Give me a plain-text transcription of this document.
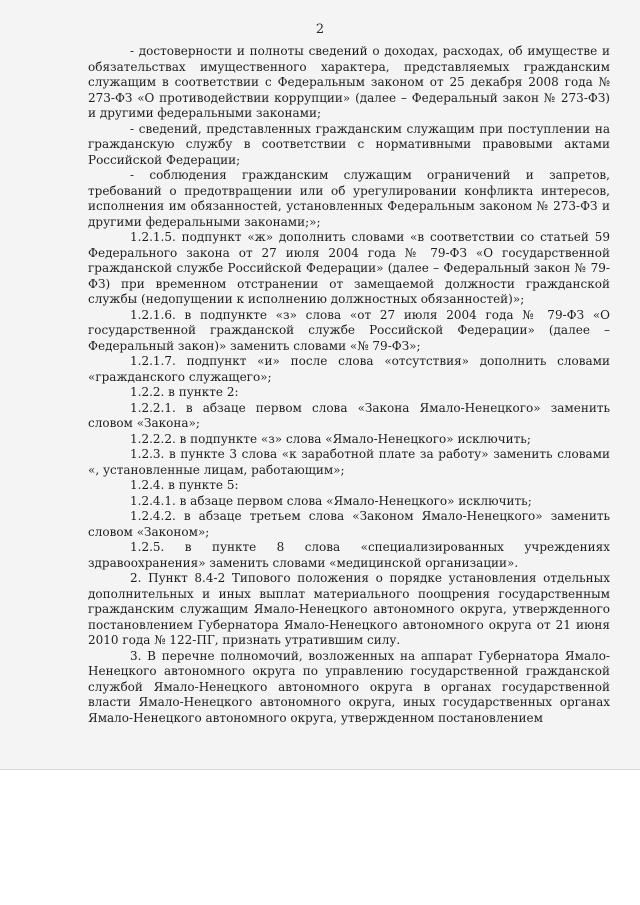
2

- достоверности и полноты сведений о доходах, расходах, об имуществе и обязательствах имущественного характера, представляемых гражданским служащим в соответствии с Федеральным законом от 25 декабря 2008 года № 273-ФЗ «О противодействии коррупции» (далее – Федеральный закон № 273-ФЗ) и другими федеральными законами;

- сведений, представленных гражданским служащим при поступлении на гражданскую службу в соответствии с нормативными правовыми актами Российской Федерации;

- соблюдения гражданским служащим ограничений и запретов, требований о предотвращении или об урегулировании конфликта интересов, исполнения им обязанностей, установленных Федеральным законом № 273-ФЗ и другими федеральными законами;»;

1.2.1.5. подпункт «ж» дополнить словами «в соответствии со статьей 59 Федерального закона от 27 июля 2004 года № 79-ФЗ «О государственной гражданской службе Российской Федерации» (далее – Федеральный закон № 79-ФЗ) при временном отстранении от замещаемой должности гражданской службы (недопущении к исполнению должностных обязанностей)»;

1.2.1.6. в подпункте «з» слова «от 27 июля 2004 года № 79-ФЗ «О государственной гражданской службе Российской Федерации» (далее – Федеральный закон)» заменить словами «№ 79-ФЗ»;

1.2.1.7. подпункт «и» после слова «отсутствия» дополнить словами «гражданского служащего»;

1.2.2. в пункте 2:

1.2.2.1. в абзаце первом слова «Закона Ямало-Ненецкого» заменить словом «Закона»;

1.2.2.2. в подпункте «з» слова «Ямало-Ненецкого» исключить;

1.2.3. в пункте 3 слова «к заработной плате за работу» заменить словами «, установленные лицам, работающим»;

1.2.4. в пункте 5:

1.2.4.1. в абзаце первом слова «Ямало-Ненецкого» исключить;

1.2.4.2. в абзаце третьем слова «Законом Ямало-Ненецкого» заменить словом «Законом»;

1.2.5. в пункте 8 слова «специализированных учреждениях здравоохранения» заменить словами «медицинской организации».

2. Пункт 8.4-2 Типового положения о порядке установления отдельных дополнительных и иных выплат материального поощрения государственным гражданским служащим Ямало-Ненецкого автономного округа, утвержденного постановлением Губернатора Ямало-Ненецкого автономного округа от 21 июня 2010 года № 122-ПГ, признать утратившим силу.

3. В перечне полномочий, возложенных на аппарат Губернатора Ямало-Ненецкого автономного округа по управлению государственной гражданской службой Ямало-Ненецкого автономного округа в органах государственной власти Ямало-Ненецкого автономного округа, иных государственных органах Ямало-Ненецкого автономного округа, утвержденном постановлением
